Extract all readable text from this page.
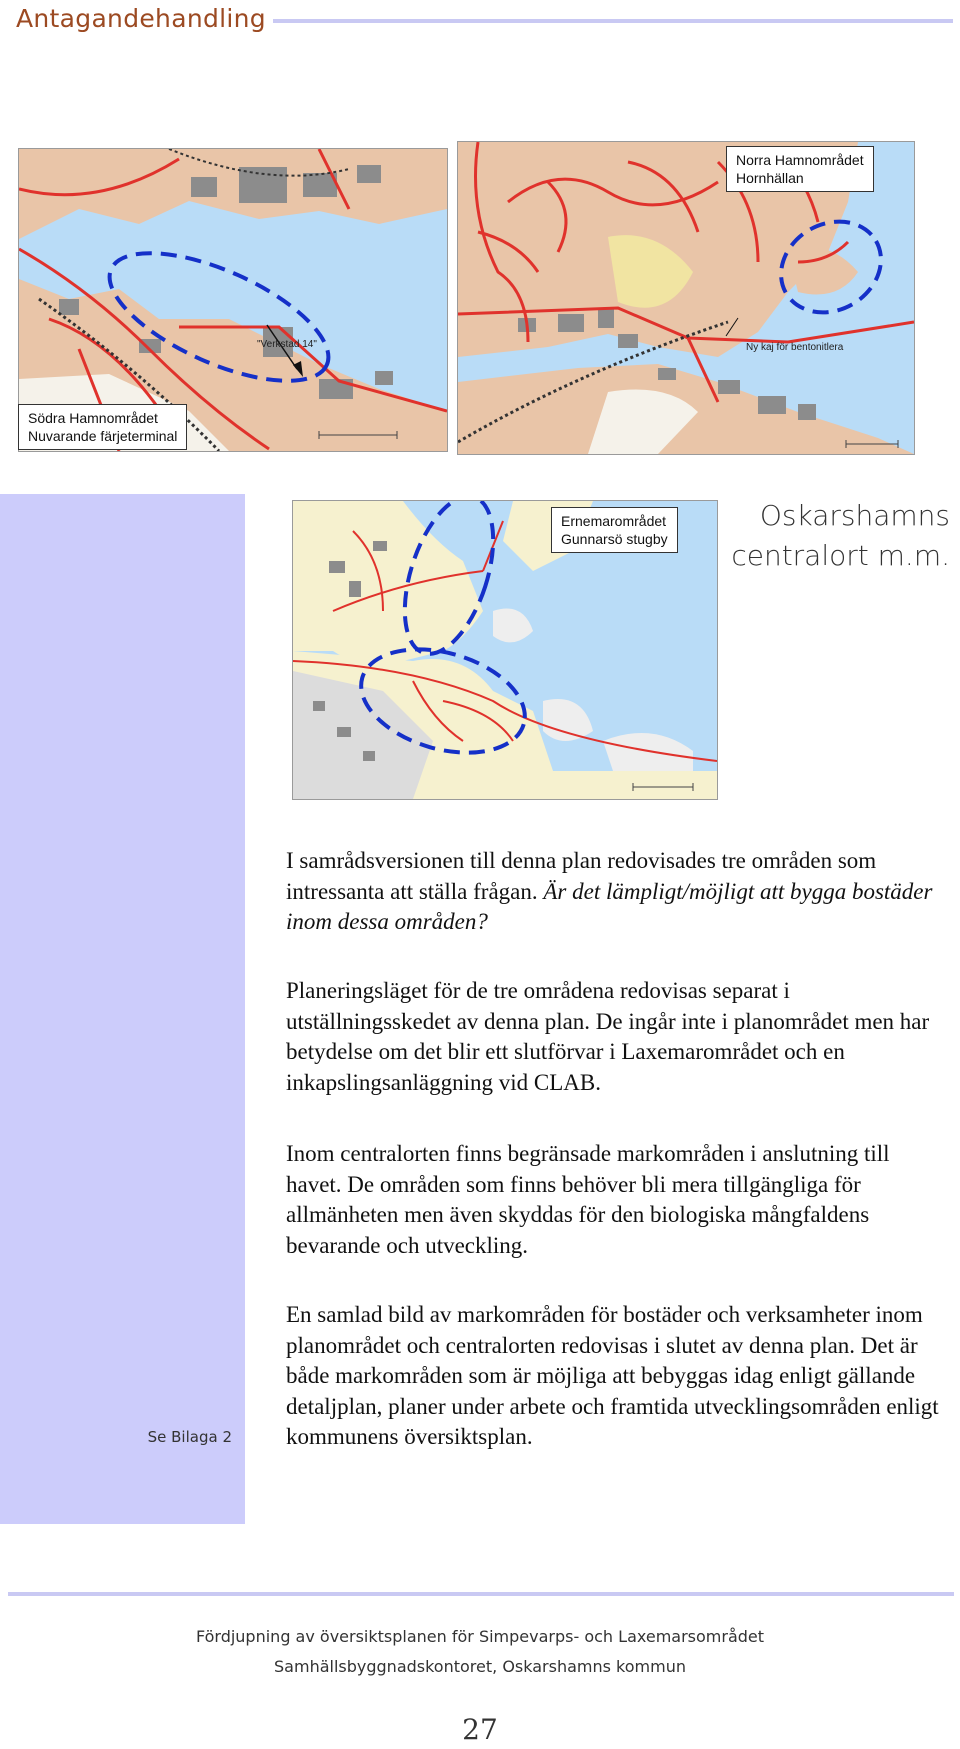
Antagandehandling
"Verkstad 14"
Södra Hamnområdet
Nuvarande färjeterminal
Ny kaj för bentonitlera
Norra Hamnområdet
Hornhällan
Oskarshamns
centralort m.m.
Se Bilaga 2
Ernemarområdet
Gunnarsö stugby

I samrådsversionen till denna plan redovisades tre områden som intressanta att ställa frågan. Är det lämpligt/möjligt att bygga bostäder inom dessa områden?

Planeringsläget för de tre områdena redovisas separat i utställningsskedet av denna plan. De ingår inte i planområdet men har betydelse om det blir ett slutförvar i Laxemarområdet och en inkapslingsanläggning vid CLAB.

Inom centralorten finns begränsade markområden i anslutning till havet. De områden som finns behöver bli mera tillgängliga för allmänheten men även skyddas för den biologiska mångfaldens bevarande och utveckling.

En samlad bild av markområden för bostäder och verksamheter inom planområdet och centralorten redovisas i slutet av denna plan. Det är både markområden som är möjliga att bebyggas idag enligt gällande detaljplan, planer under arbete och framtida utvecklingsområden enligt kommunens översiktsplan.

Fördjupning av översiktsplanen för Simpevarps- och Laxemarsområdet
Samhällsbyggnadskontoret, Oskarshamns kommun
27
